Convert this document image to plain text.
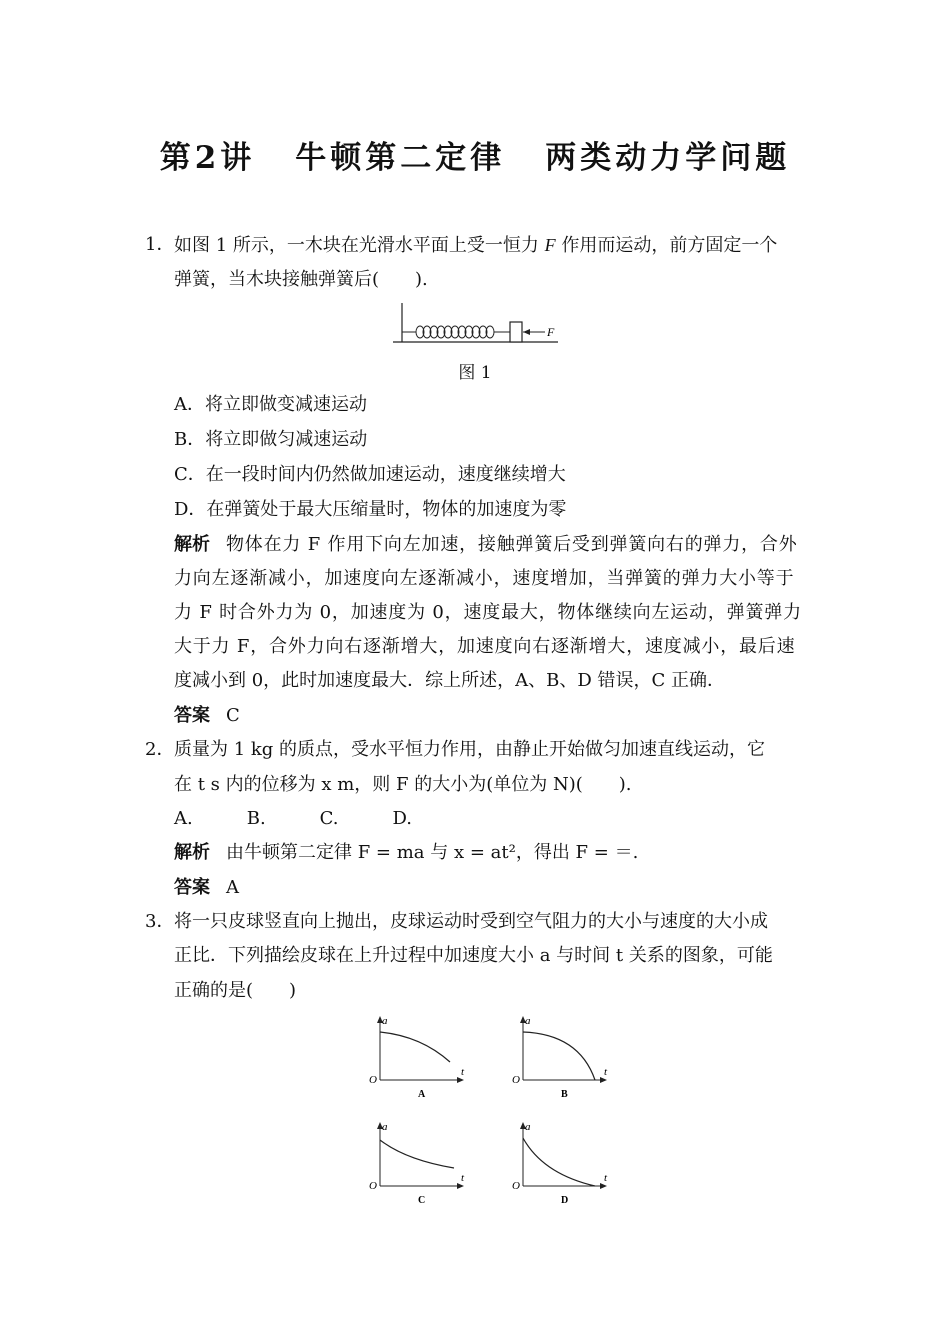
第2讲 牛顿第二定律 两类动力学问题
1． 如图 1 所示，一木块在光滑水平面上受一恒力 F 作用而运动，前方固定一个
弹簧，当木块接触弹簧后(　　).
F
图 1
A．将立即做变减速运动
B．将立即做匀减速运动
C．在一段时间内仍然做加速运动，速度继续增大
D．在弹簧处于最大压缩量时，物体的加速度为零
解析 物体在力 F 作用下向左加速，接触弹簧后受到弹簧向右的弹力，合外
力向左逐渐减小，加速度向左逐渐减小，速度增加，当弹簧的弹力大小等于
力 F 时合外力为 0，加速度为 0，速度最大，物体继续向左运动，弹簧弹力
大于力 F，合外力向右逐渐增大，加速度向右逐渐增大，速度减小，最后速
度减小到 0，此时加速度最大．综上所述，A、B、D 错误，C 正确．
答案 C
2． 质量为 1 kg 的质点，受水平恒力作用，由静止开始做匀加速直线运动，它
在 t s 内的位移为 x m，则 F 的大小为(单位为 N)(　　).
A.　　　B.　　　C.　　　D.
解析 由牛顿第二定律 F = ma 与 x = at²，得出 F = ＝.
答案 A
3． 将一只皮球竖直向上抛出，皮球运动时受到空气阻力的大小与速度的大小成
正比．下列描绘皮球在上升过程中加速度大小 a 与时间 t 关系的图象，可能
正确的是(　　)
a
t
O
A
a
t
O
B
a
t
O
C
a
t
O
D
